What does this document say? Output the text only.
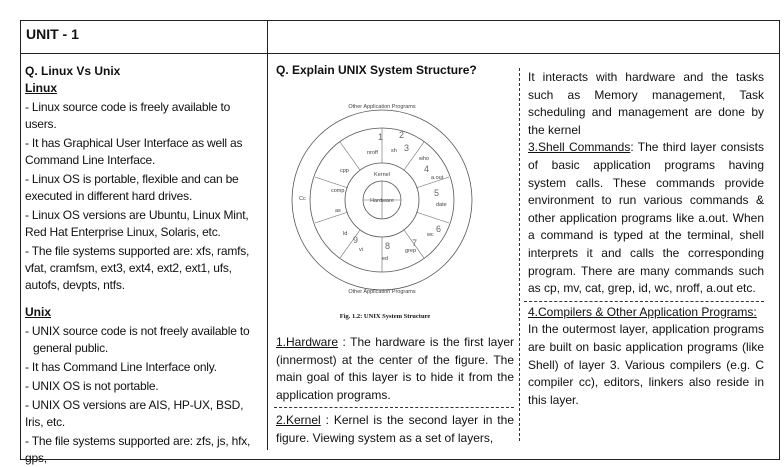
UNIT - 1
Q. Linux Vs Unix
Linux
- Linux source code is freely available to users.
- It has Graphical User Interface as well as
Command Line Interface.
- Linux OS is portable, flexible and can be
executed in different hard drives.
- Linux OS versions are Ubuntu, Linux Mint,
Red Hat Enterprise Linux, Solaris, etc.
- The file systems supported are: xfs, ramfs,
vfat, cramfsm, ext3, ext4, ext2, ext1, ufs,
autofs, devpts, ntfs.
Unix
- UNIX source code is not freely available to
general public.
- It has Command Line Interface only.
- UNIX OS is not portable.
- UNIX OS versions are AIS, HP-UX, BSD, Iris, etc.
- The file systems supported are: zfs, js, hfx, gps,
Q. Explain UNIX System Structure?
Other Application Programs
Other Application Programs
Kernel
Hardware
Cc
nroff sh
who
a.out
date
wc
grep
ed
vi
ld
as
comp
cpp
1 2
3
4
5
6
7
8
9
Fig. 1.2: UNIX System Structure
1.Hardware : The hardware is the first layer (innermost) at the center of the figure. The main goal of this layer is to hide it from the application programs.
2.Kernel : Kernel is the second layer in the figure. Viewing system as a set of layers,
It interacts with hardware and the tasks such as Memory management, Task scheduling and management are done by the kernel
3.Shell Commands: The third layer consists of basic application programs having system calls. These commands provide environment to run various commands & other application programs like a.out. When a command is typed at the terminal, shell interprets it and calls the corresponding program. There are many commands such as cp, mv, cat, grep, id, wc, nroff, a.out etc.
4.Compilers & Other Application Programs:
In the outermost layer, application programs are built on basic application programs (like Shell) of layer 3. Various compilers (e.g. C compiler cc), editors, linkers also reside in this layer.
